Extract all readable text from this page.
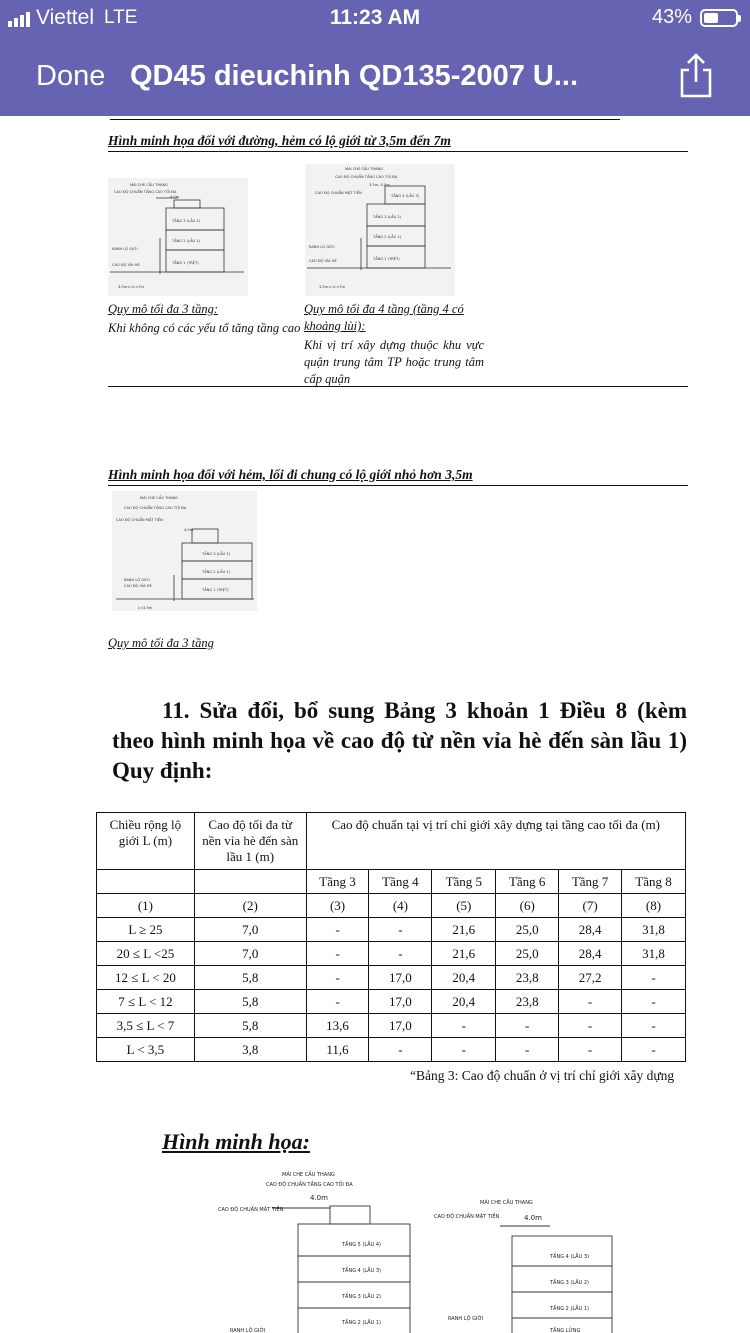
Viettel LTE	11:23 AM	43%
Done QD45 dieuchinh QD135-2007 U...
Hình minh họa đối với đường, hẻm có lộ giới từ 3,5m đến 7m
MÁI CHE CẦU THANG
CAO ĐỘ CHUẨN TẦNG CAO TỐI ĐA
4.0m
TẦNG 3 (LẦU 2)
TẦNG 2 (LẦU 1)
TẦNG 1 (TRỆT)
RANH LỘ GIỚI
CAO ĐỘ VỈA HÈ
3.5m<=L<7m
MÁI CHE CẦU THANG
CAO ĐỘ CHUẨN TẦNG CAO TỐI ĐA
3.5m..4.0m
CAO ĐỘ CHUẨN MẶT TIỀN
TẦNG 4 (LẦU 3)
TẦNG 3 (LẦU 2)
TẦNG 2 (LẦU 1)
TẦNG 1 (TRỆT)
RANH LỘ GIỚI
CAO ĐỘ VỈA HÈ
3.5m<=L<7m
Quy mô tối đa 3 tầng:
Khi không có các yếu tố tăng tầng cao
Quy mô tối đa 4 tầng (tầng 4 có khoảng lùi):
Khi vị trí xây dựng thuộc khu vực quận trung tâm TP hoặc trung tâm cấp quận
Hình minh họa đối với hẻm, lối đi chung có lộ giới nhỏ hơn 3,5m
MÁI CHE CẦU THANG
CAO ĐỘ CHUẨN TẦNG CAO TỐI ĐA
CAO ĐỘ CHUẨN MẶT TIỀN
4.0m
TẦNG 3 (LẦU 2)
TẦNG 2 (LẦU 1)
TẦNG 1 (TRỆT)
RANH LỘ GIỚI
CAO ĐỘ VỈA HÈ
L<3.5m
Quy mô tối đa 3 tầng
11. Sửa đổi, bổ sung Bảng 3 khoản 1 Điều 8 (kèm theo hình minh họa về cao độ từ nền vỉa hè đến sàn lầu 1) Quy định:
Chiều rộng lộ giới L (m)	Cao độ tối đa từ nền vỉa hè đến sàn lầu 1 (m)	Cao độ chuẩn tại vị trí chỉ giới xây dựng tại tầng cao tối đa (m)					
		Tầng 3	Tầng 4	Tầng 5	Tầng 6	Tầng 7	Tầng 8
(1)	(2)	(3)	(4)	(5)	(6)	(7)	(8)
L ≥ 25	7,0	-	-	21,6	25,0	28,4	31,8
20 ≤ L <25	7,0	-	-	21,6	25,0	28,4	31,8
12 ≤ L < 20	5,8	-	17,0	20,4	23,8	27,2	-
7 ≤ L < 12	5,8	-	17,0	20,4	23,8	-	-
3,5 ≤ L < 7	5,8	13,6	17,0	-	-	-	-
L < 3,5	3,8	11,6	-	-	-	-	-
“Bảng 3: Cao độ chuẩn ở vị trí chỉ giới xây dựng
Hình minh họa:
MÁI CHE CẦU THANG
CAO ĐỘ CHUẨN TẦNG CAO TỐI ĐA
4.0m
CAO ĐỘ CHUẨN MẶT TIỀN
TẦNG 5 (LẦU 4)
TẦNG 4 (LẦU 3)
TẦNG 3 (LẦU 2)
TẦNG 2 (LẦU 1)
RANH LỘ GIỚI
MÁI CHE CẦU THANG
CAO ĐỘ CHUẨN MẶT TIỀN	4.0m
TẦNG 4 (LẦU 3)
TẦNG 3 (LẦU 2)
TẦNG 2 (LẦU 1)
TẦNG LỬNG
RANH LỘ GIỚI
